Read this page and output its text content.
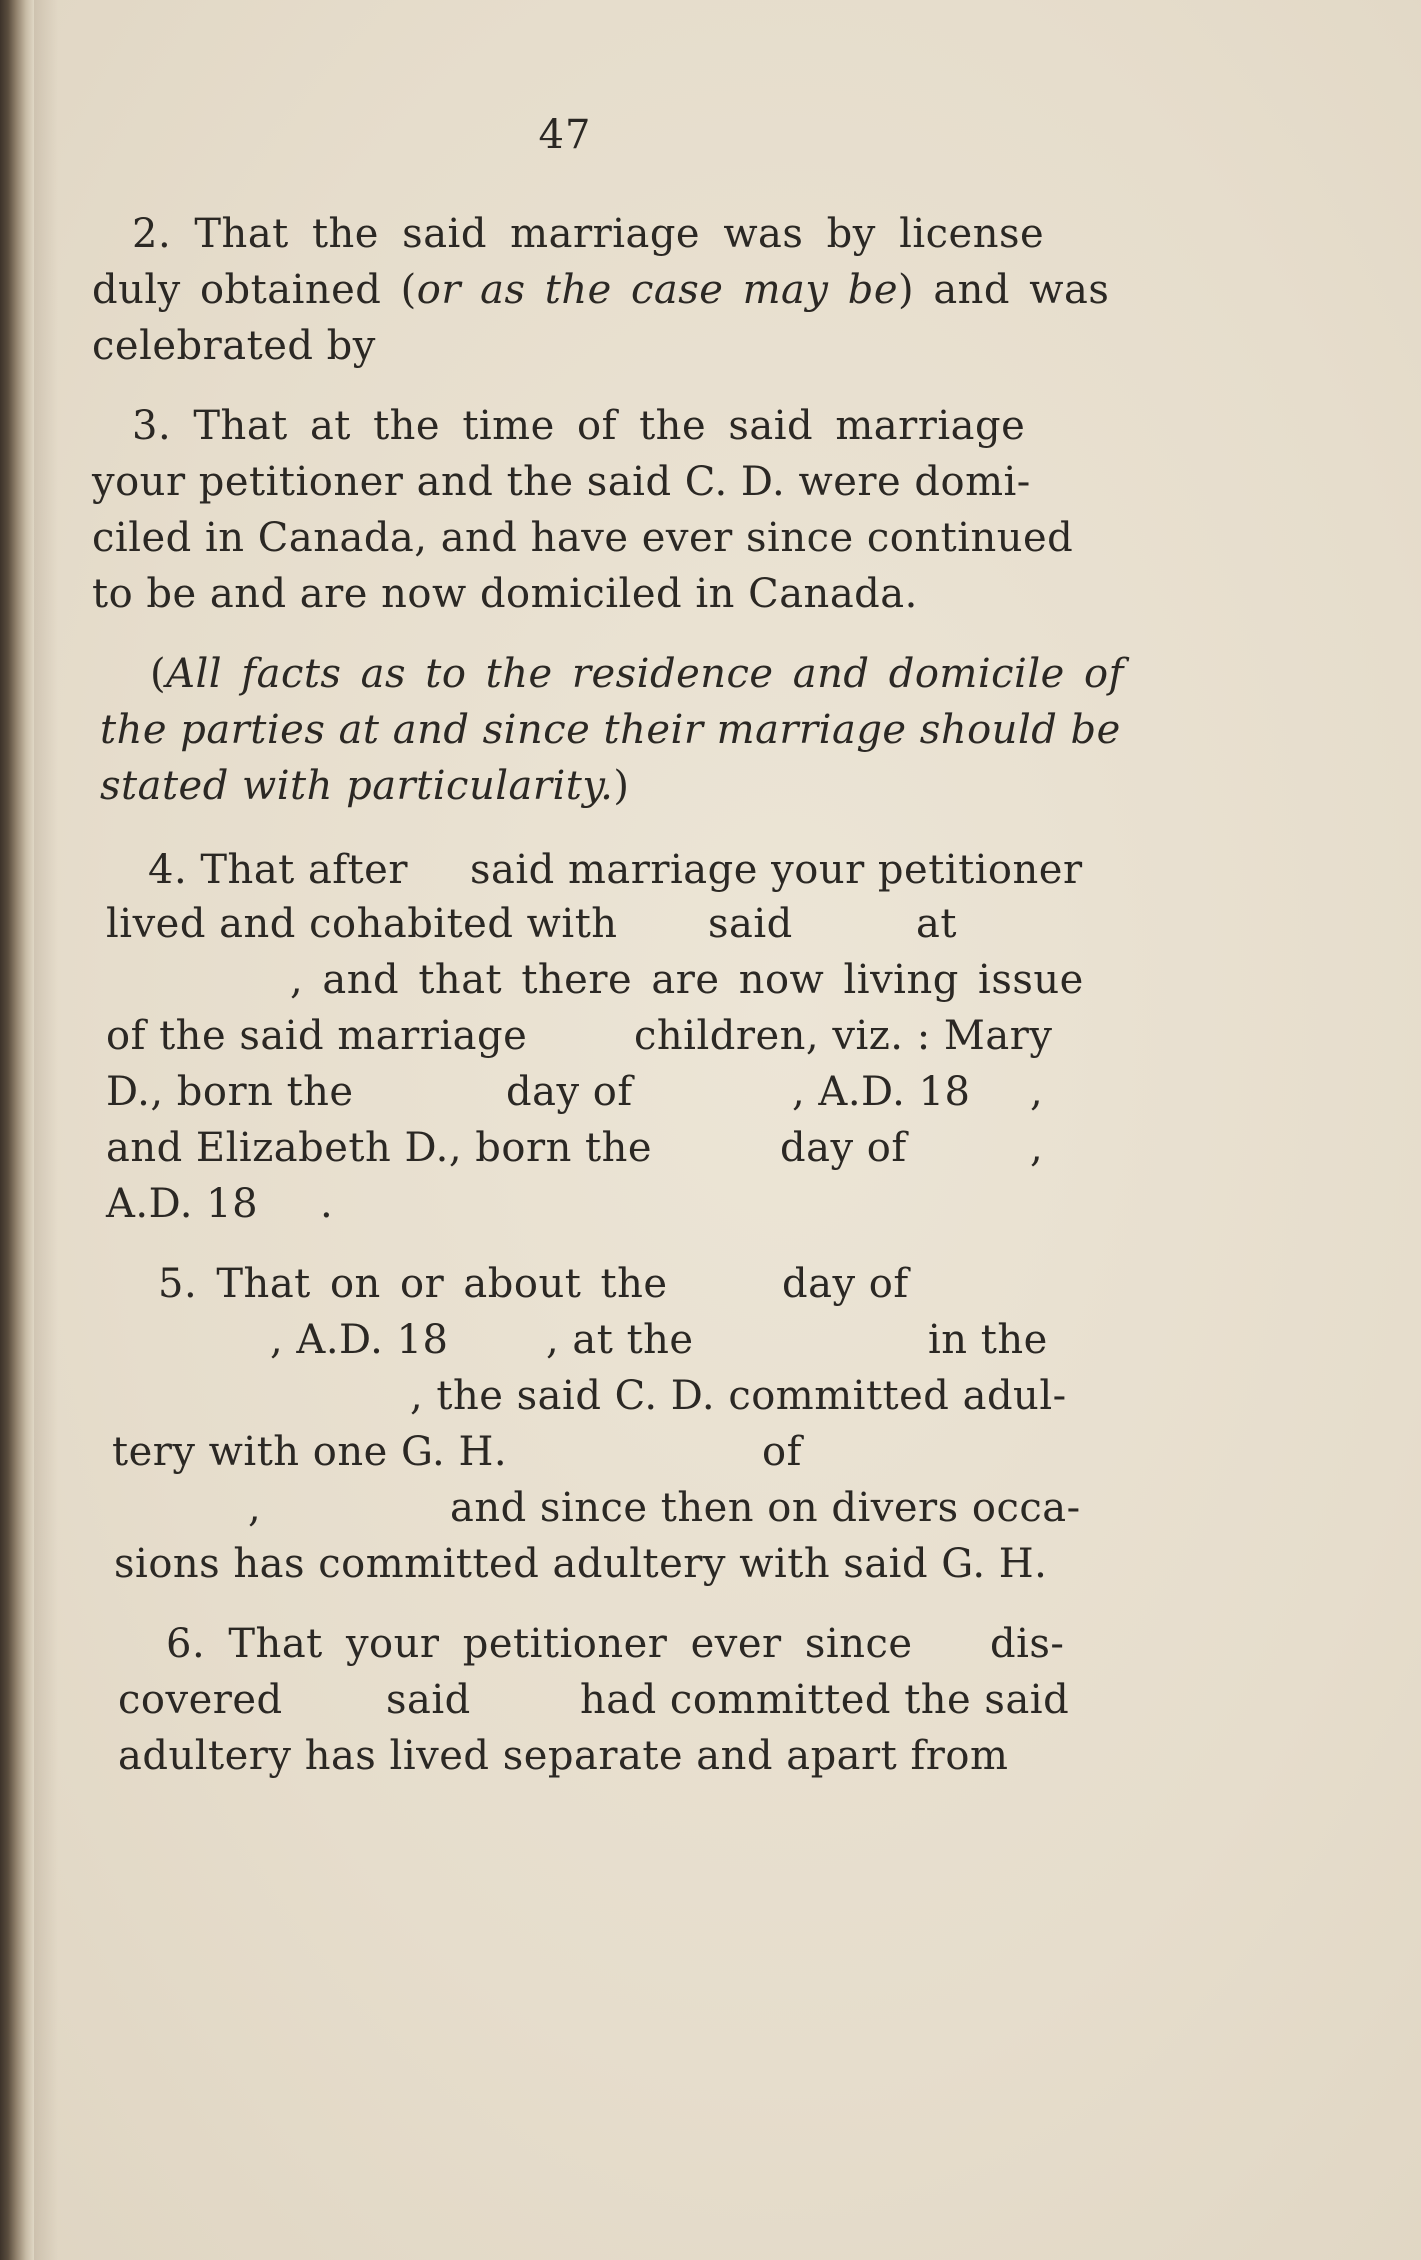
47
2. That the said marriage was by license
duly obtained (or as the case may be) and was
celebrated by
3. That at the time of the said marriage
your petitioner and the said C. D. were domi-
ciled in Canada, and have ever since continued
to be and are now domiciled in Canada.
(All facts as to the residence and domicile of
the parties at and since their marriage should be
stated with particularity.)
4. That after said marriage your petitioner
lived and cohabited with said	at
, and that there are now living issue
of the said marriage	children, viz. : Mary
D., born the	day of	, A.D. 18 ,
and Elizabeth D., born the	day of	,
A.D. 18 .
5. That on or about the	day of
, A.D. 18 , at the	in the
, the said C. D. committed adul-
tery with one G. H.	of
,	and since then on divers occa-
sions has committed adultery with said G. H.
6. That your petitioner ever since dis-
covered	said	had committed the said
adultery has lived separate and apart from
